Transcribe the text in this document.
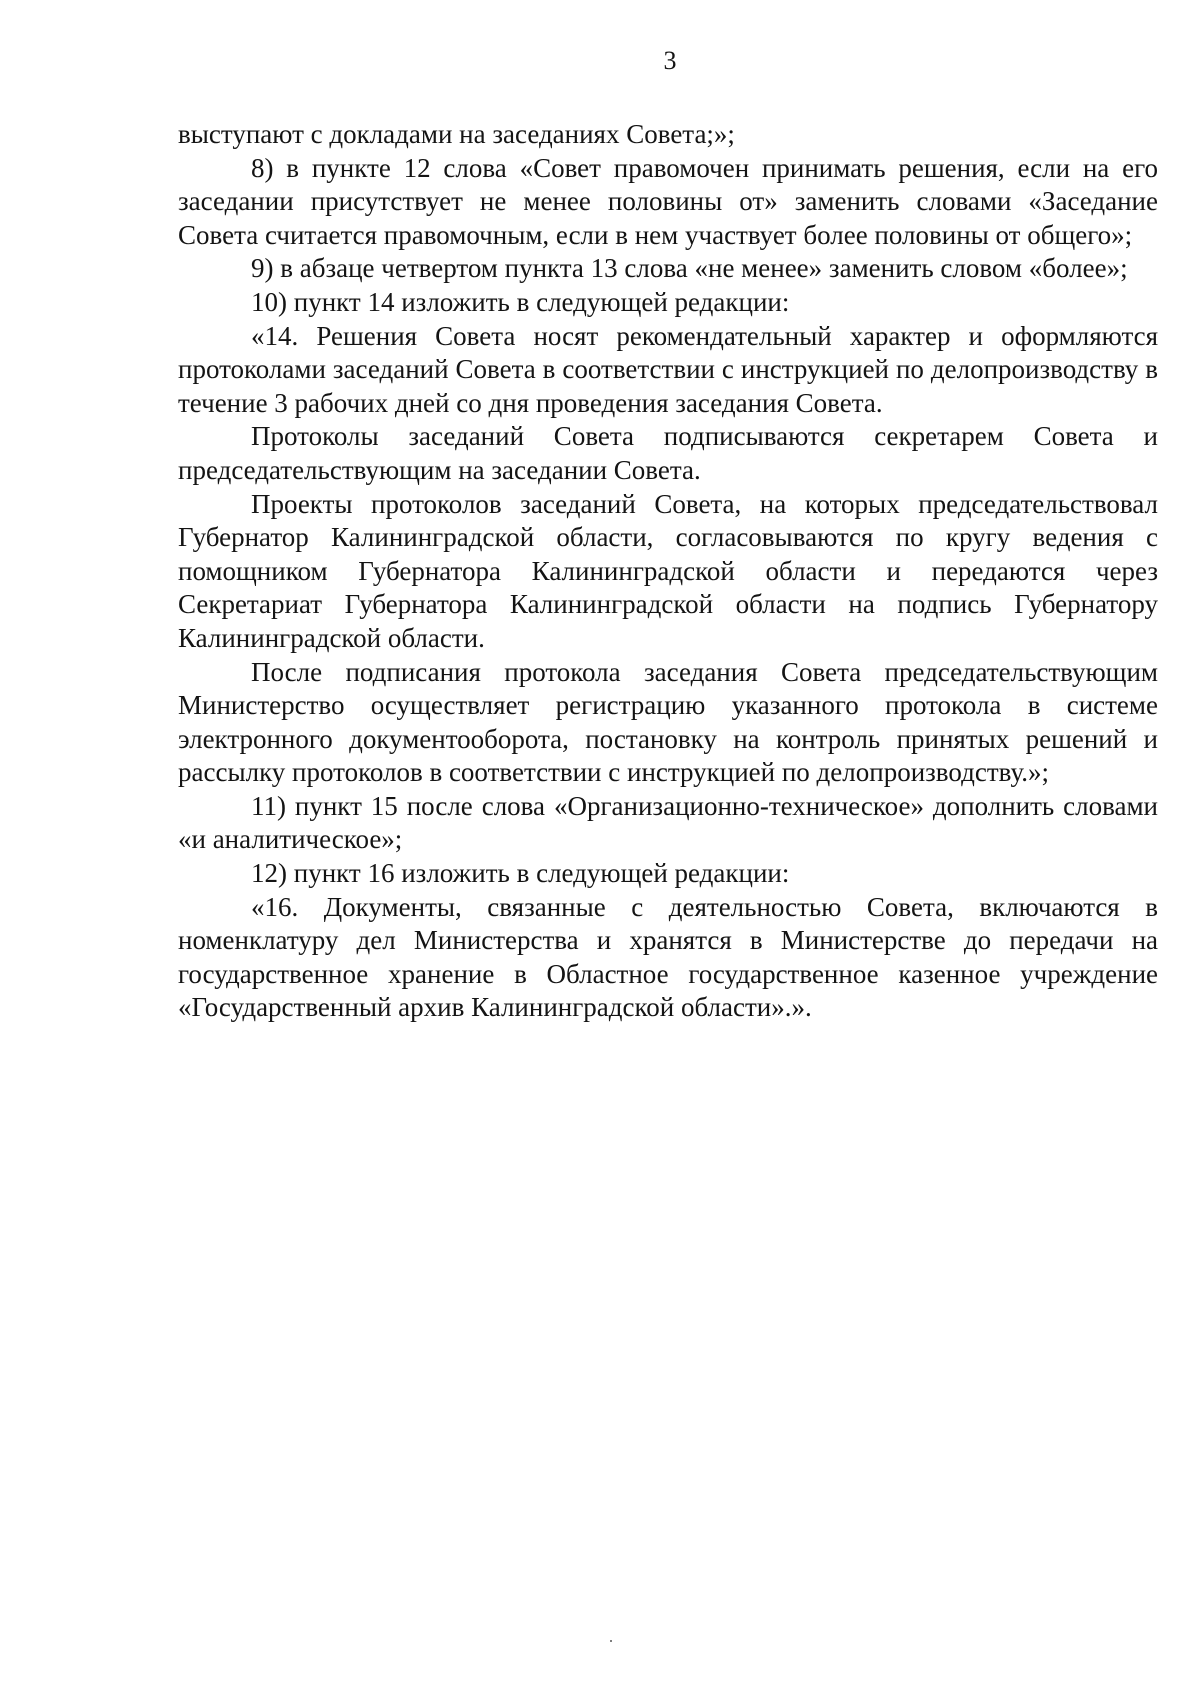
3

выступают с докладами на заседаниях Совета;»;

8) в пункте 12 слова «Совет правомочен принимать решения, если на его заседании присутствует не менее половины от» заменить словами «Заседание Совета считается правомочным, если в нем участвует более половины от общего»;

9) в абзаце четвертом пункта 13 слова «не менее» заменить словом «более»;

10) пункт 14 изложить в следующей редакции:

«14. Решения Совета носят рекомендательный характер и оформляются протоколами заседаний Совета в соответствии с инструкцией по делопроизводству в течение 3 рабочих дней со дня проведения заседания Совета.

Протоколы заседаний Совета подписываются секретарем Совета и председательствующим на заседании Совета.

Проекты протоколов заседаний Совета, на которых председательствовал Губернатор Калининградской области, согласовываются по кругу ведения с помощником Губернатора Калининградской области и передаются через Секретариат Губернатора Калининградской области на подпись Губернатору Калининградской области.

После подписания протокола заседания Совета председательствующим Министерство осуществляет регистрацию указанного протокола в системе электронного документооборота, постановку на контроль принятых решений и рассылку протоколов в соответствии с инструкцией по делопроизводству.»;

11) пункт 15 после слова «Организационно-техническое» дополнить словами «и аналитическое»;

12) пункт 16 изложить в следующей редакции:

«16. Документы, связанные с деятельностью Совета, включаются в номенклатуру дел Министерства и хранятся в Министерстве до передачи на государственное хранение в Областное государственное казенное учреждение «Государственный архив Калининградской области».».
